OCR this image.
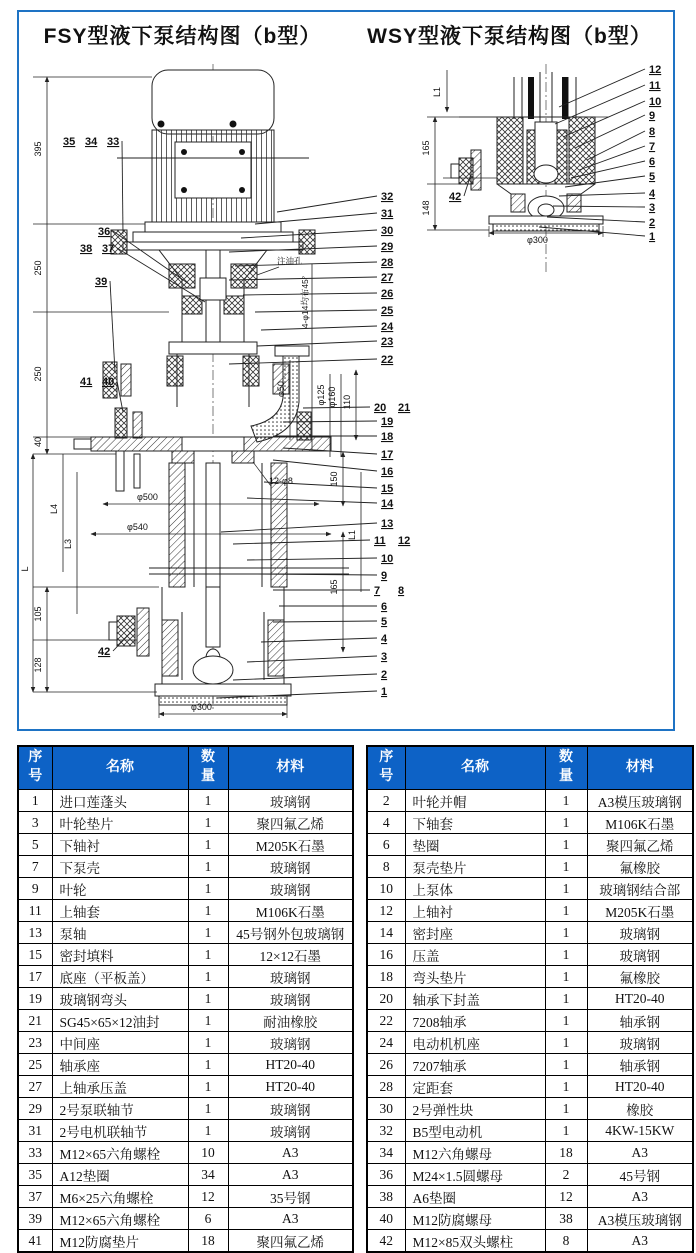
FSY型液下泵结构图（b型）	WSY型液下泵结构图（b型）
395
250
250
40
L4
L3
L
105
128
φ500
φ540
φ300
12-φ8	150
165
L1
110
φ50	φ125 φ160
注油孔
4-φ14均布45°
32
31
30
29
28
27
26
25
24
23
22
20 21
19
18
17
16
15
14
13
11 12
10
9
7 8
6
5
4
3
2
1
35 34 33
36
38 37
39
41 40
42
L1
165
148
φ300
12
11
10
9
8
7
6
5
4
3
2
1
42
序号	名称	数量	材料
1	进口莲蓬头	1	玻璃钢
3	叶轮垫片	1	聚四氟乙烯
5	下轴衬	1	M205K石墨
7	下泵壳	1	玻璃钢
9	叶轮	1	玻璃钢
11	上轴套	1	M106K石墨
13	泵轴	1	45号钢外包玻璃钢
15	密封填料	1	12×12石墨
17	底座（平板盖）	1	玻璃钢
19	玻璃钢弯头	1	玻璃钢
21	SG45×65×12油封	1	耐油橡胶
23	中间座	1	玻璃钢
25	轴承座	1	HT20-40
27	上轴承压盖	1	HT20-40
29	2号泵联轴节	1	玻璃钢
31	2号电机联轴节	1	玻璃钢
33	M12×65六角螺栓	10	A3
35	A12垫圈	34	A3
37	M6×25六角螺栓	12	35号钢
39	M12×65六角螺栓	6	A3
41	M12防腐垫片	18	聚四氟乙烯
序号	名称	数量	材料
2	叶轮并帽	1	A3模压玻璃钢
4	下轴套	1	M106K石墨
6	垫圈	1	聚四氟乙烯
8	泵壳垫片	1	氟橡胶
10	上泵体	1	玻璃钢结合部
12	上轴衬	1	M205K石墨
14	密封座	1	玻璃钢
16	压盖	1	玻璃钢
18	弯头垫片	1	氟橡胶
20	轴承下封盖	1	HT20-40
22	7208轴承	1	轴承钢
24	电动机机座	1	玻璃钢
26	7207轴承	1	轴承钢
28	定距套	1	HT20-40
30	2号弹性块	1	橡胶
32	B5型电动机	1	4KW-15KW
34	M12六角螺母	18	A3
36	M24×1.5圆螺母	2	45号钢
38	A6垫圈	12	A3
40	M12防腐螺母	38	A3模压玻璃钢
42	M12×85双头螺柱	8	A3
